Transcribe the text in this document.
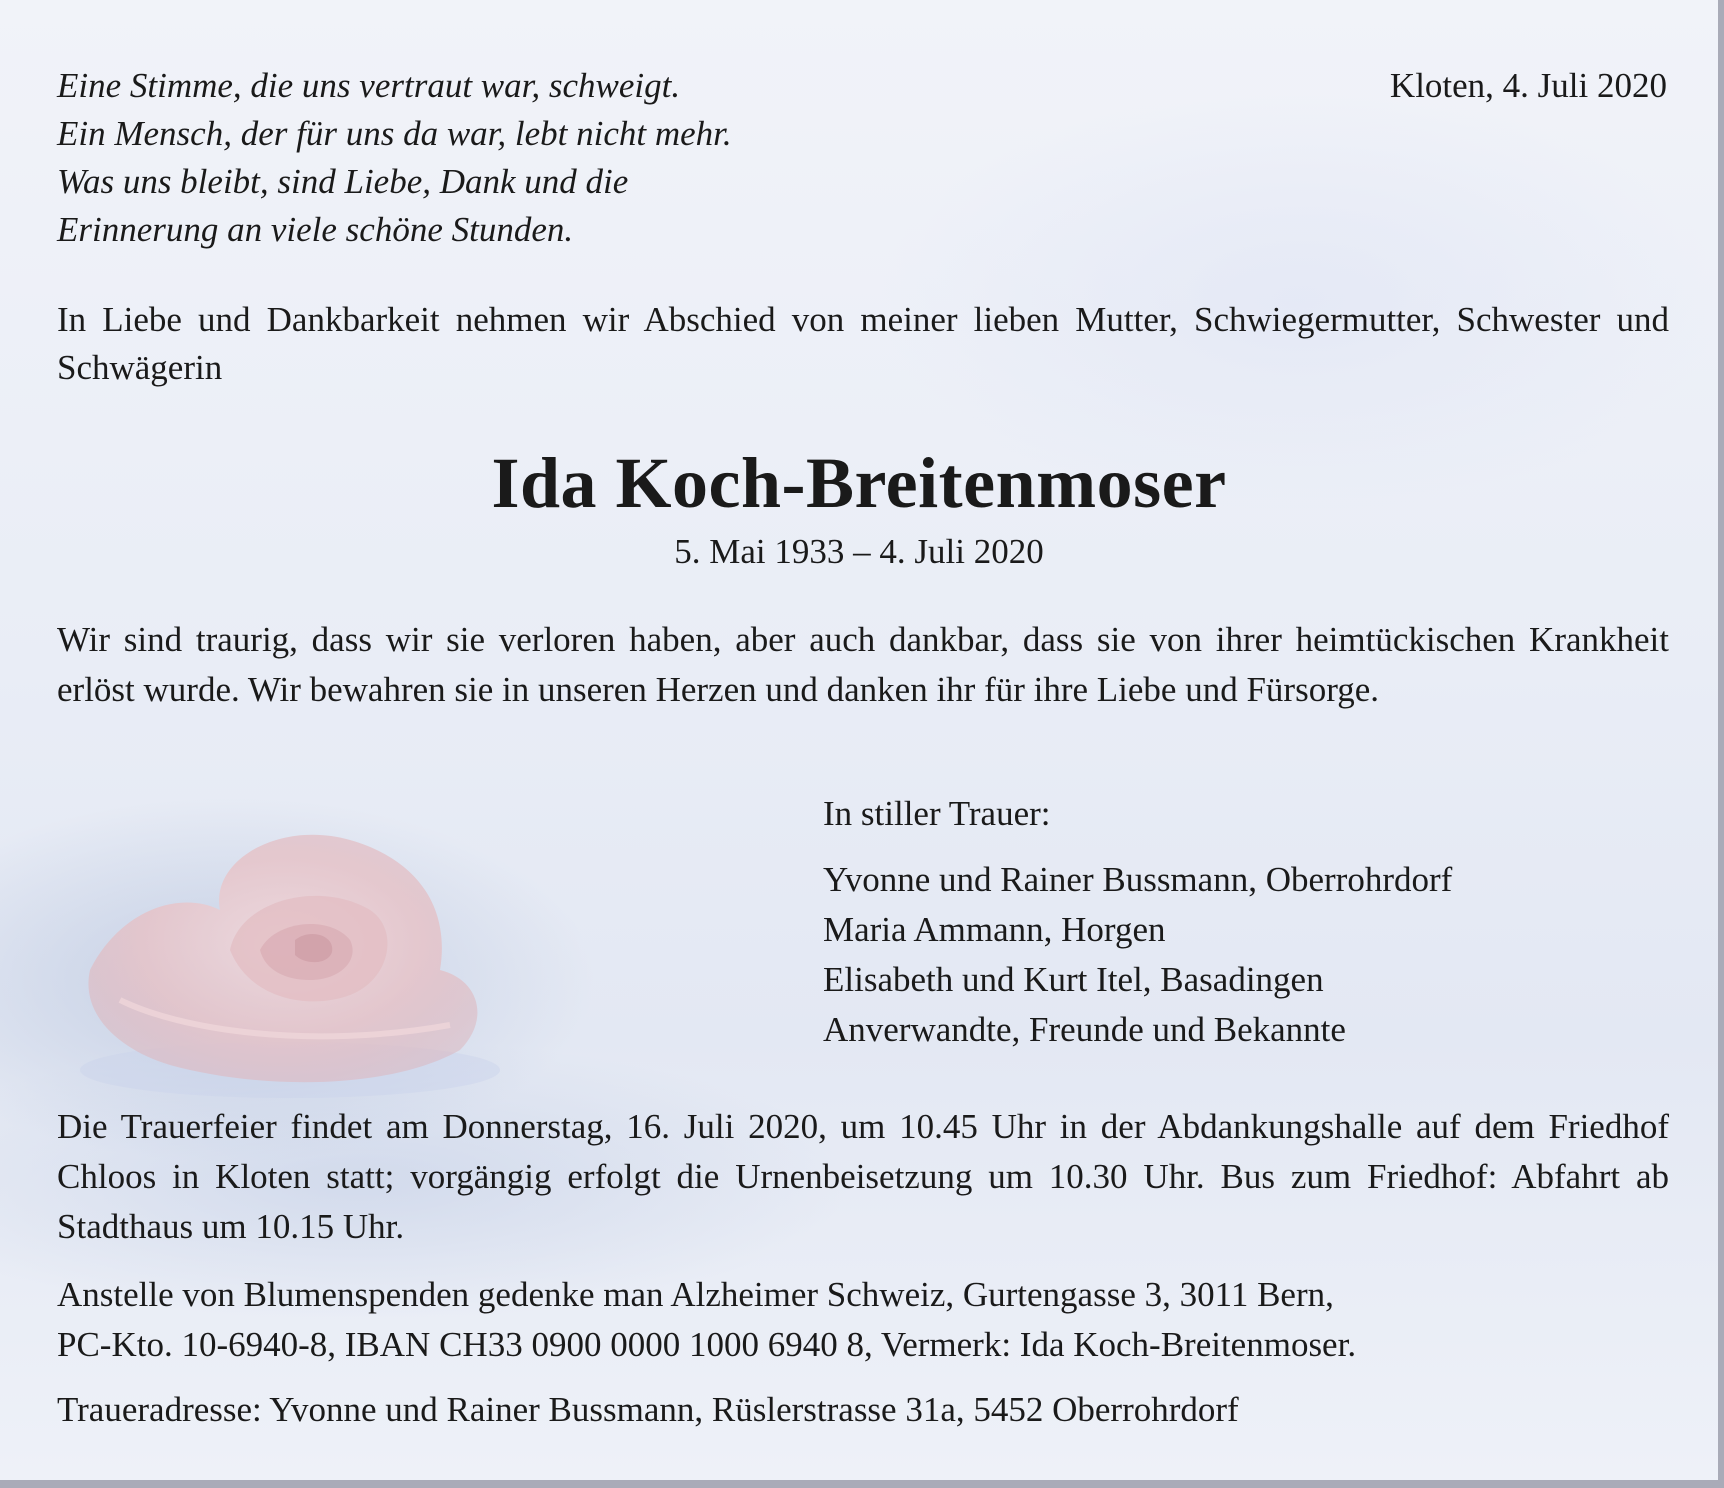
Eine Stimme, die uns vertraut war, schweigt.
Ein Mensch, der für uns da war, lebt nicht mehr.
Was uns bleibt, sind Liebe, Dank und die
Erinnerung an viele schöne Stunden.
Kloten, 4. Juli 2020

In Liebe und Dankbarkeit nehmen wir Abschied von meiner lieben Mutter, Schwiegermutter, Schwester und Schwägerin

Ida Koch-Breitenmoser
5. Mai 1933 – 4. Juli 2020

Wir sind traurig, dass wir sie verloren haben, aber auch dankbar, dass sie von ihrer heimtückischen Krankheit erlöst wurde. Wir bewahren sie in unseren Herzen und danken ihr für ihre Liebe und Fürsorge.

In stiller Trauer:
Yvonne und Rainer Bussmann, Oberrohrdorf
Maria Ammann, Horgen
Elisabeth und Kurt Itel, Basadingen
Anverwandte, Freunde und Bekannte

Die Trauerfeier findet am Donnerstag, 16. Juli 2020, um 10.45 Uhr in der Abdankungshalle auf dem Friedhof Chloos in Kloten statt; vorgängig erfolgt die Urnenbeisetzung um 10.30 Uhr. Bus zum Friedhof: Abfahrt ab Stadthaus um 10.15 Uhr.

Anstelle von Blumenspenden gedenke man Alzheimer Schweiz, Gurtengasse 3, 3011 Bern,
PC-Kto. 10-6940-8, IBAN CH33 0900 0000 1000 6940 8, Vermerk: Ida Koch-Breitenmoser.
Traueradresse: Yvonne und Rainer Bussmann, Rüslerstrasse 31a, 5452 Oberrohrdorf
